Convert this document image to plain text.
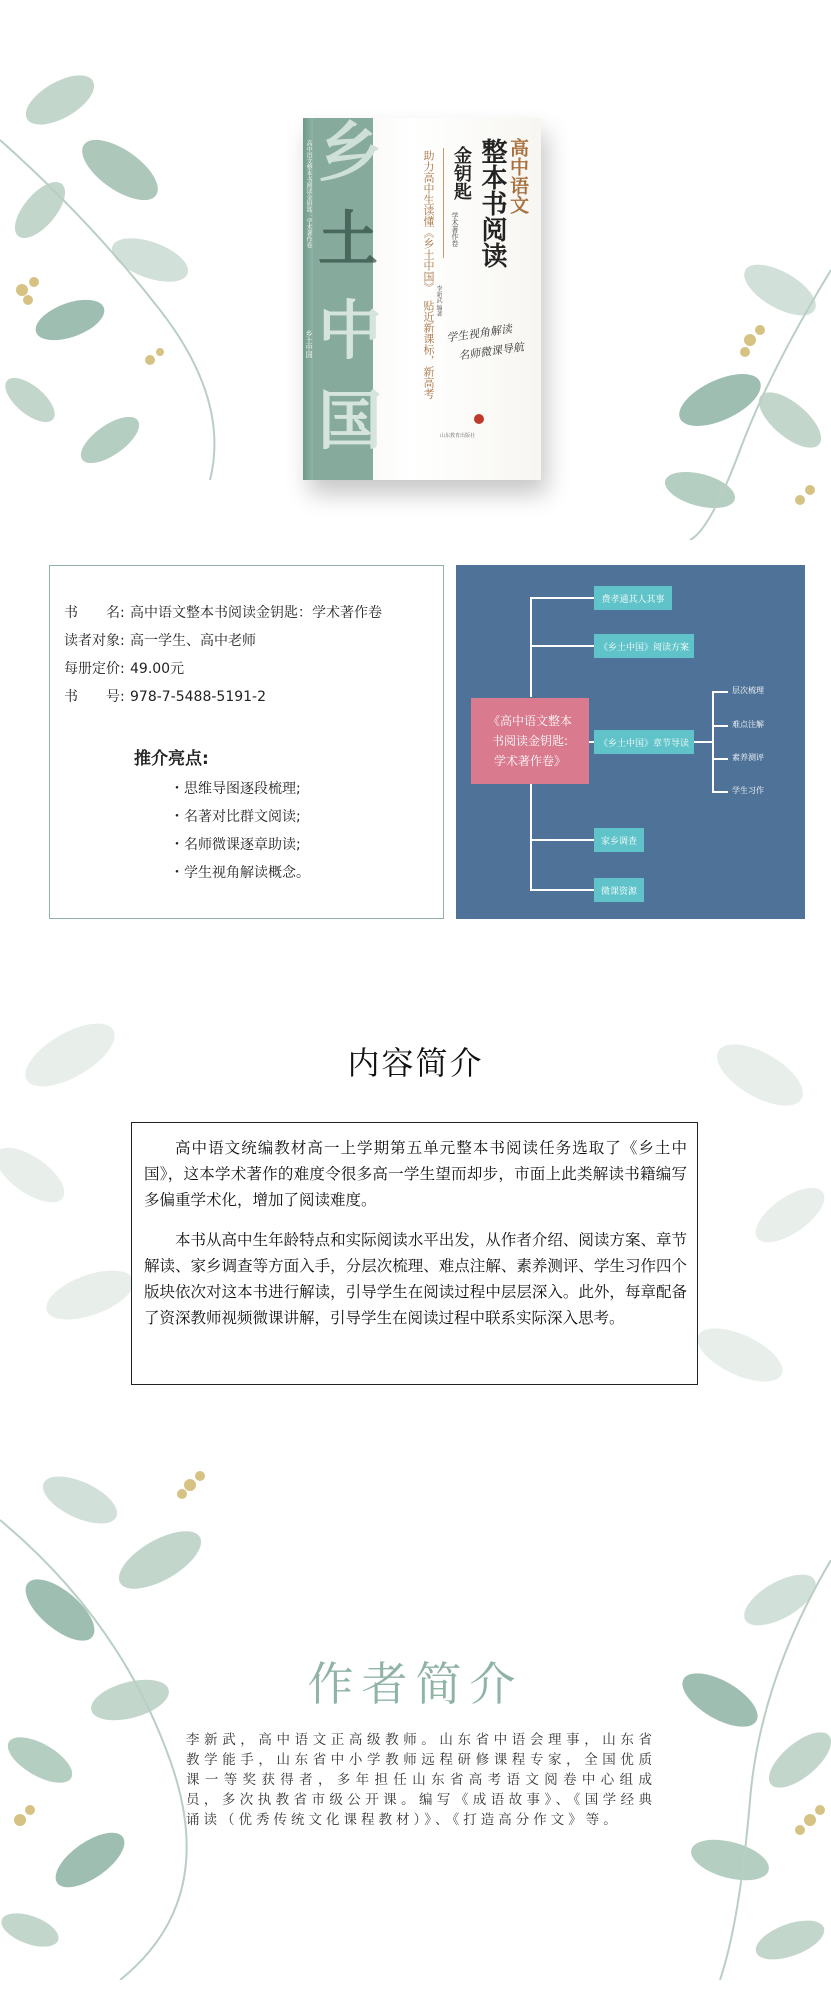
乡
土
中
国
高中语文整本书阅读金钥匙：学术著作卷
乡土中国
高中语文
整本书阅读
金钥匙
学术著作卷
助力高中生读懂《乡土中国》
贴近新课标，新高考 李新武 编著
学生视角解读
名师微课导航
山东教育出版社
书　　名: 高中语文整本书阅读金钥匙：学术著作卷
读者对象: 高一学生、高中老师
每册定价: 49.00元
书　　号: 978-7-5488-5191-2
推介亮点:
・思维导图逐段梳理;
・名著对比群文阅读;
・名师微课逐章助读;
・学生视角解读概念。
《高中语文整本
书阅读金钥匙:
学术著作卷》
费孝通其人其事
《乡土中国》阅读方案
《乡土中国》章节导读
家乡调查
微课资源
层次梳理
难点注解
素养测评
学生习作
内容简介

高中语文统编教材高一上学期第五单元整本书阅读任务选取了《乡土中国》，这本学术著作的难度令很多高一学生望而却步，市面上此类解读书籍编写多偏重学术化，增加了阅读难度。

本书从高中生年龄特点和实际阅读水平出发，从作者介绍、阅读方案、章节解读、家乡调查等方面入手，分层次梳理、难点注解、素养测评、学生习作四个版块依次对这本书进行解读，引导学生在阅读过程中层层深入。此外，每章配备了资深教师视频微课讲解，引导学生在阅读过程中联系实际深入思考。

作者简介
李新武，高中语文正高级教师。山东省中语会理事，山东省教学能手，山东省中小学教师远程研修课程专家，全国优质课一等奖获得者，多年担任山东省高考语文阅卷中心组成员，多次执教省市级公开课。编写《成语故事》、《国学经典诵读（优秀传统文化课程教材）》、《打造高分作文》等。
